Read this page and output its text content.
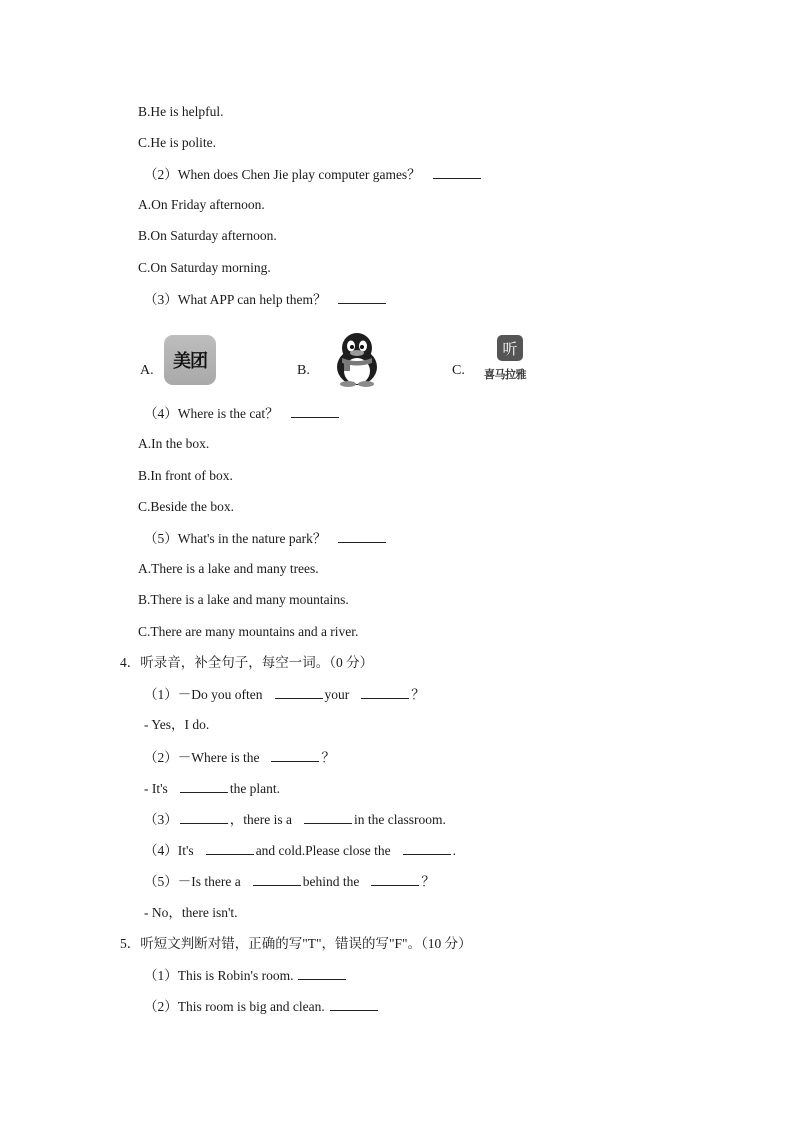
B.He is helpful.
C.He is polite.
（2）When does Chen Jie play computer games？
A.On Friday afternoon.
B.On Saturday afternoon.
C.On Saturday morning.
（3）What APP can help them？
A. 美团	B.	C.
听
喜马拉雅
（4）Where is the cat？
A.In the box.
B.In front of box.
C.Beside the box.
（5）What's in the nature park？
A.There is a lake and many trees.
B.There is a lake and many mountains.
C.There are many mountains and a river.
4．听录音，补全句子，每空一词。（0 分）
（1）－Do you often	your	？
- Yes，I do.
（2）－Where is the	？
- It's	the plant.
（3）	，there is a	in the classroom.
（4）It's	and cold.Please close the	.
（5）－Is there a	behind the	？
- No，there isn't.
5．听短文判断对错，正确的写"T"，错误的写"F"。（10 分）
（1）This is Robin's room.
（2）This room is big and clean.
